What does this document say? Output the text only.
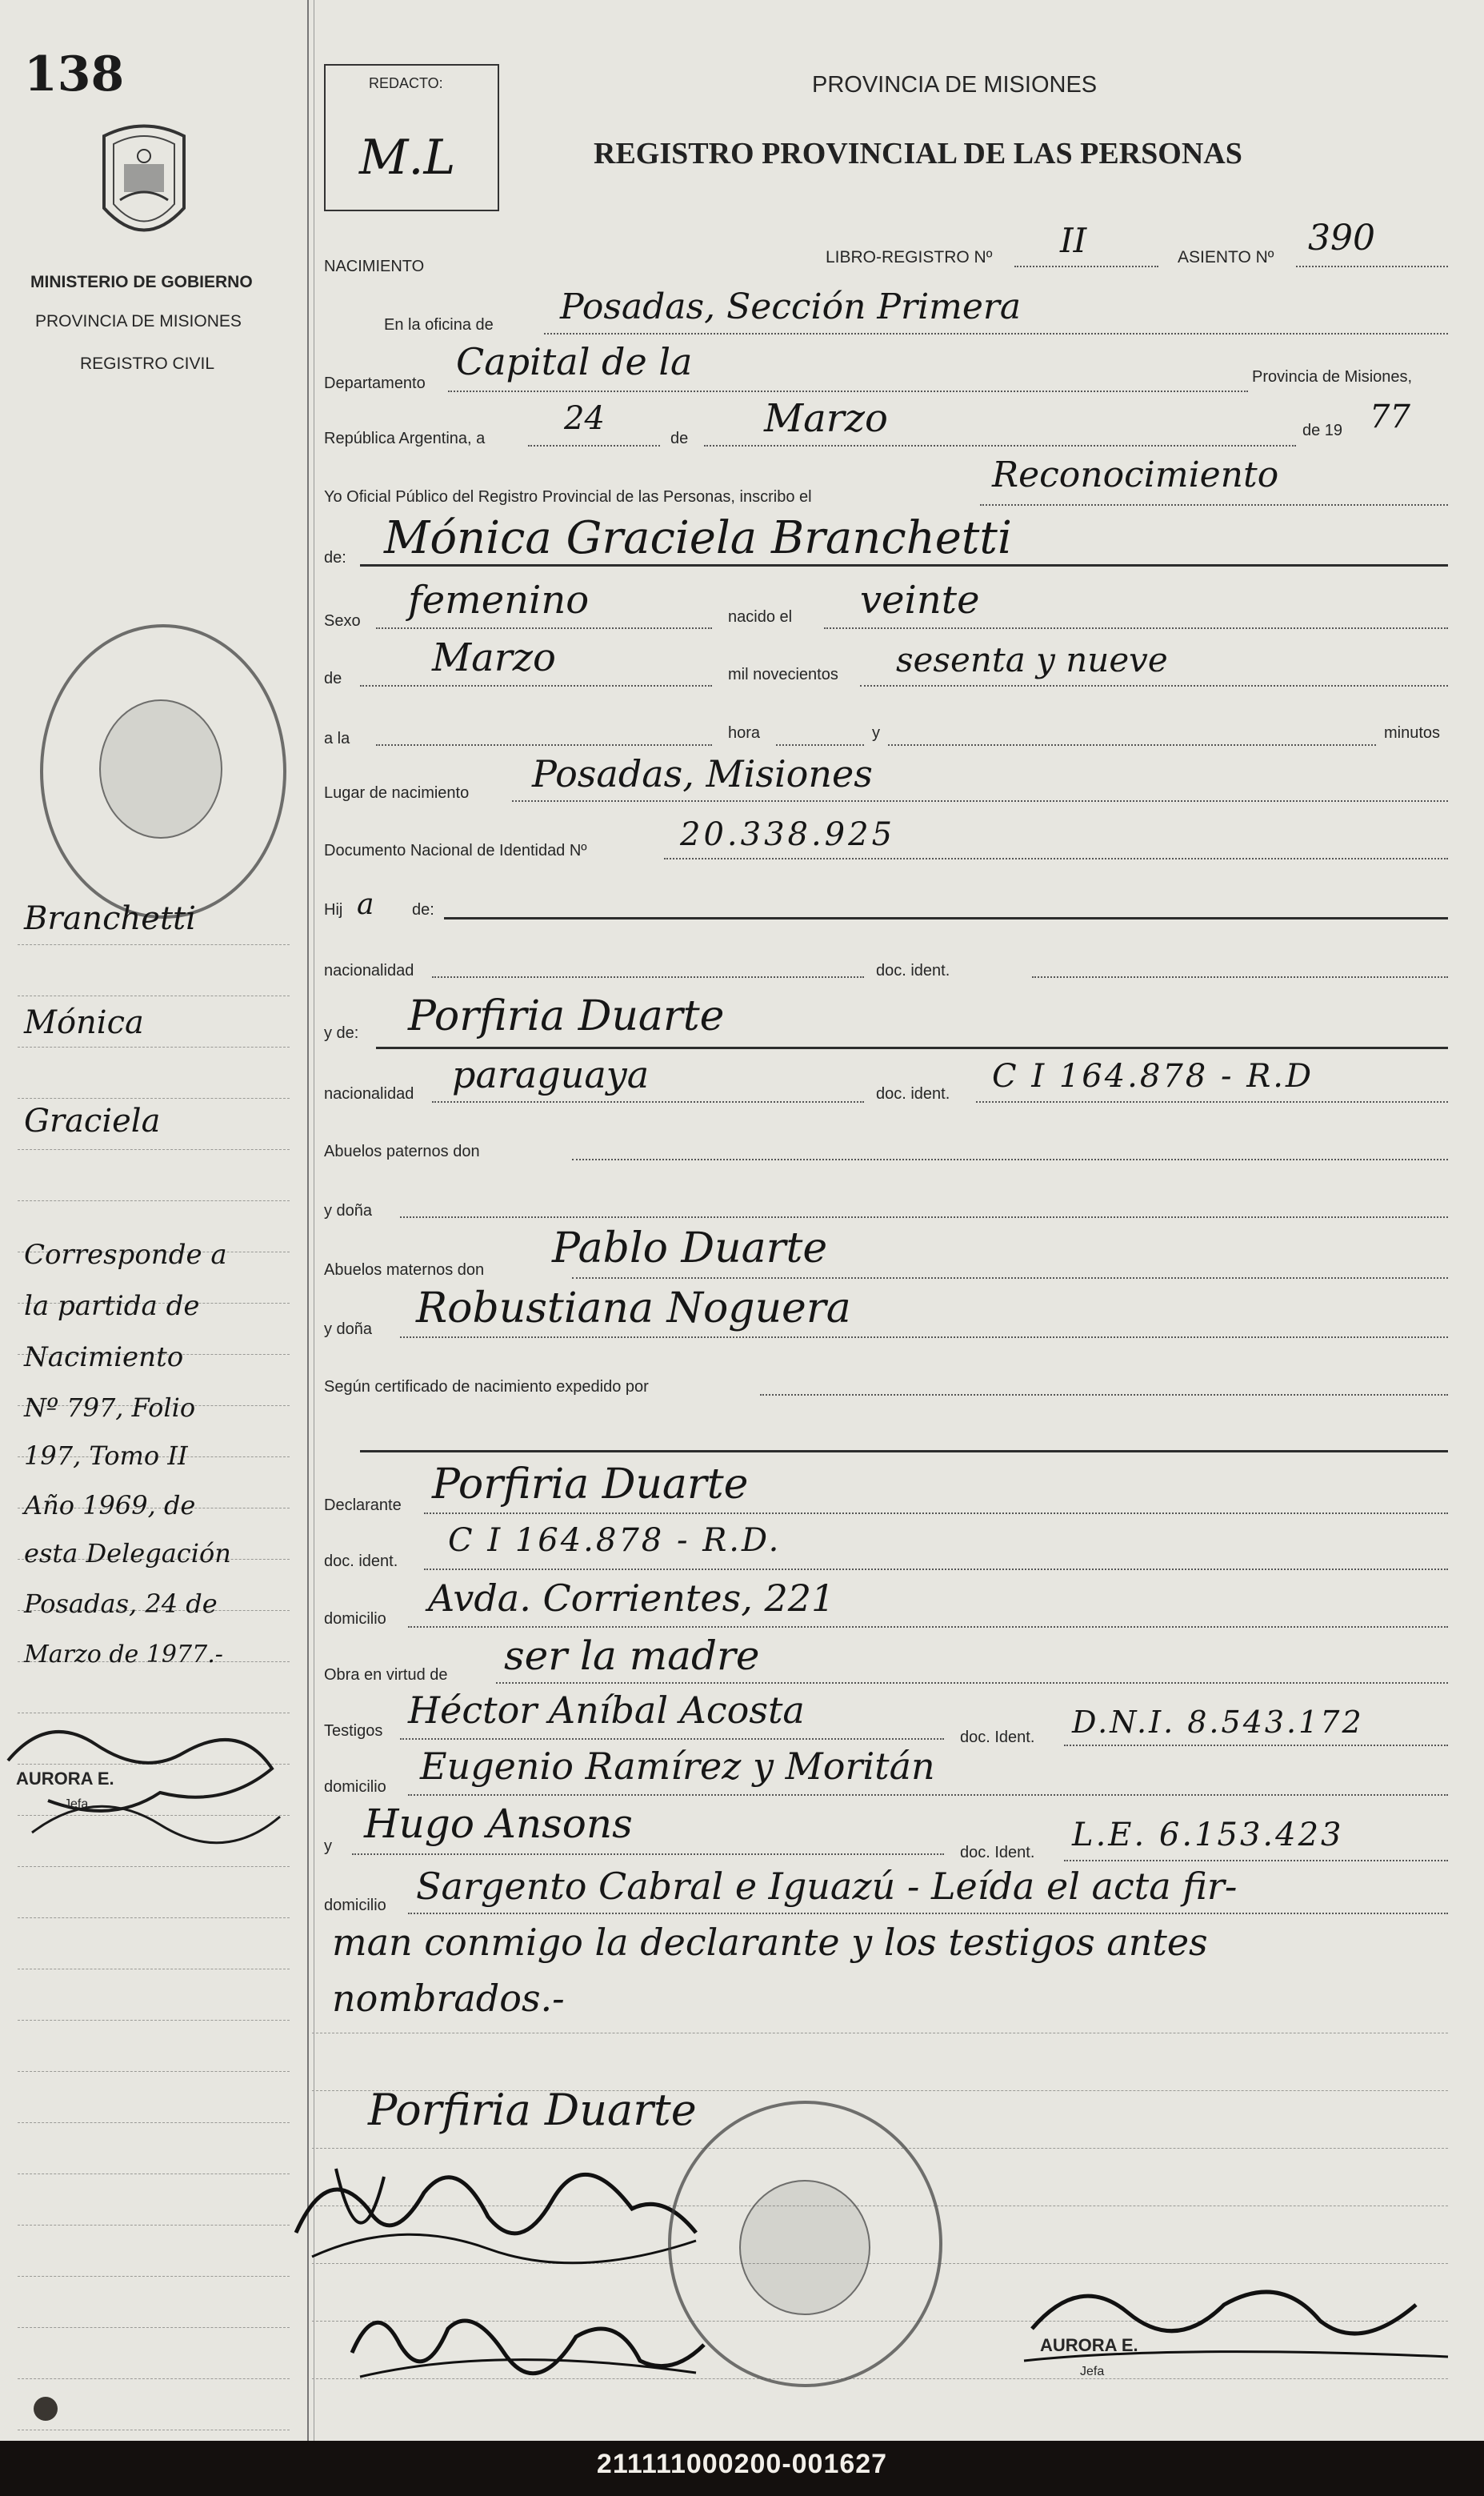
138
MINISTERIO DE GOBIERNO
PROVINCIA DE MISIONES
REGISTRO CIVIL
Branchetti
Mónica
Graciela
Corresponde a
la partida de
Nacimiento
Nº 797, Folio
197, Tomo II
Año 1969, de
esta Delegación
Posadas, 24 de
Marzo de 1977.-
AURORA E.
Jefa
REDACTO:
M.L
PROVINCIA DE MISIONES
REGISTRO PROVINCIAL DE LAS PERSONAS
NACIMIENTO	LIBRO-REGISTRO Nº II	ASIENTO Nº 390
En la oficina de Posadas, Sección Primera
Departamento Capital de la	Provincia de Misiones,
República Argentina, a
24
de Marzo	de 19 77
Yo Oficial Público del Registro Provincial de las Personas, inscribo el
Reconocimiento
de: Mónica Graciela Branchetti
Sexo femenino	nacido el veinte
de Marzo	mil novecientos sesenta y nueve
a la	hora	y	minutos
Lugar de nacimiento Posadas, Misiones
Documento Nacional de Identidad Nº	20.338.925
Hij a de:
nacionalidad	doc. ident.
y de: Porfiria Duarte
nacionalidad paraguaya	doc. ident. C I 164.878 - R.D
Abuelos paternos don
y doña
Abuelos maternos don Pablo Duarte
y doña Robustiana Noguera
Según certificado de nacimiento expedido por
Declarante Porfiria Duarte
doc. ident.
C I 164.878 - R.D.
domicilio Avda. Corrientes, 221
Obra en virtud de ser la madre
Testigos Héctor Aníbal Acosta
doc. Ident. D.N.I. 8.543.172
domicilio Eugenio Ramírez y Moritán
y Hugo Ansons
doc. Ident. L.E. 6.153.423
domicilio Sargento Cabral e Iguazú - Leída el acta fir-
man conmigo la declarante y los testigos antes
nombrados.-
Porfiria Duarte
AURORA E.
Jefa
211111000200-001627
